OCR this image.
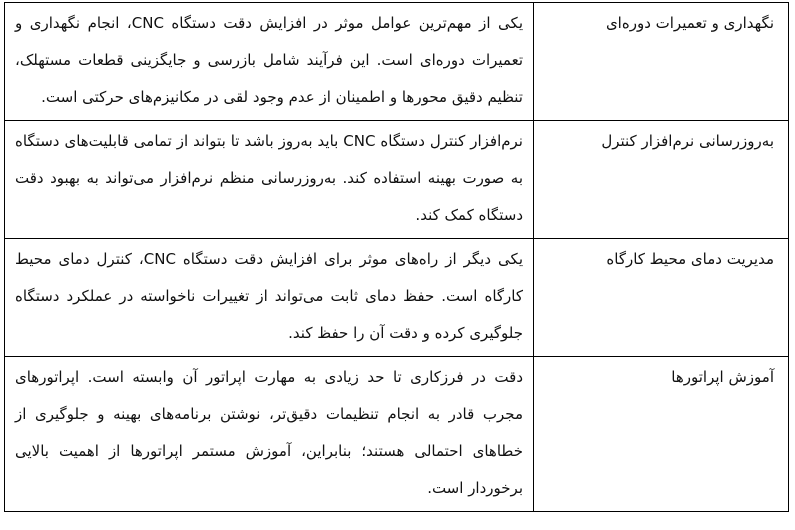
نگهداری و تعمیرات دوره‌ای	یکی از مهم‌ترین عوامل موثر در افزایش دقت دستگاه CNC، انجام نگهداری و تعمیرات دوره‌ای است. این فرآیند شامل بازرسی و جایگزینی قطعات مستهلک، تنظیم دقیق محورها و اطمینان از عدم وجود لقی در مکانیزم‌های حرکتی است.
به‌روزرسانی نرم‌افزار کنترل	نرم‌افزار کنترل دستگاه CNC باید به‌روز باشد تا بتواند از تمامی قابلیت‌های دستگاه به صورت بهینه استفاده کند. به‌روزرسانی منظم نرم‌افزار می‌تواند به بهبود دقت دستگاه کمک کند.
مدیریت دمای محیط کارگاه	یکی دیگر از راه‌های موثر برای افزایش دقت دستگاه CNC، کنترل دمای محیط کارگاه است. حفظ دمای ثابت می‌تواند از تغییرات ناخواسته در عملکرد دستگاه جلوگیری کرده و دقت آن را حفظ کند.
آموزش اپراتورها	دقت در فرزکاری تا حد زیادی به مهارت اپراتور آن وابسته است. اپراتورهای مجرب قادر به انجام تنظیمات دقیق‌تر، نوشتن برنامه‌های بهینه و جلوگیری از خطاهای احتمالی هستند؛ بنابراین، آموزش مستمر اپراتورها از اهمیت بالایی برخوردار است.
